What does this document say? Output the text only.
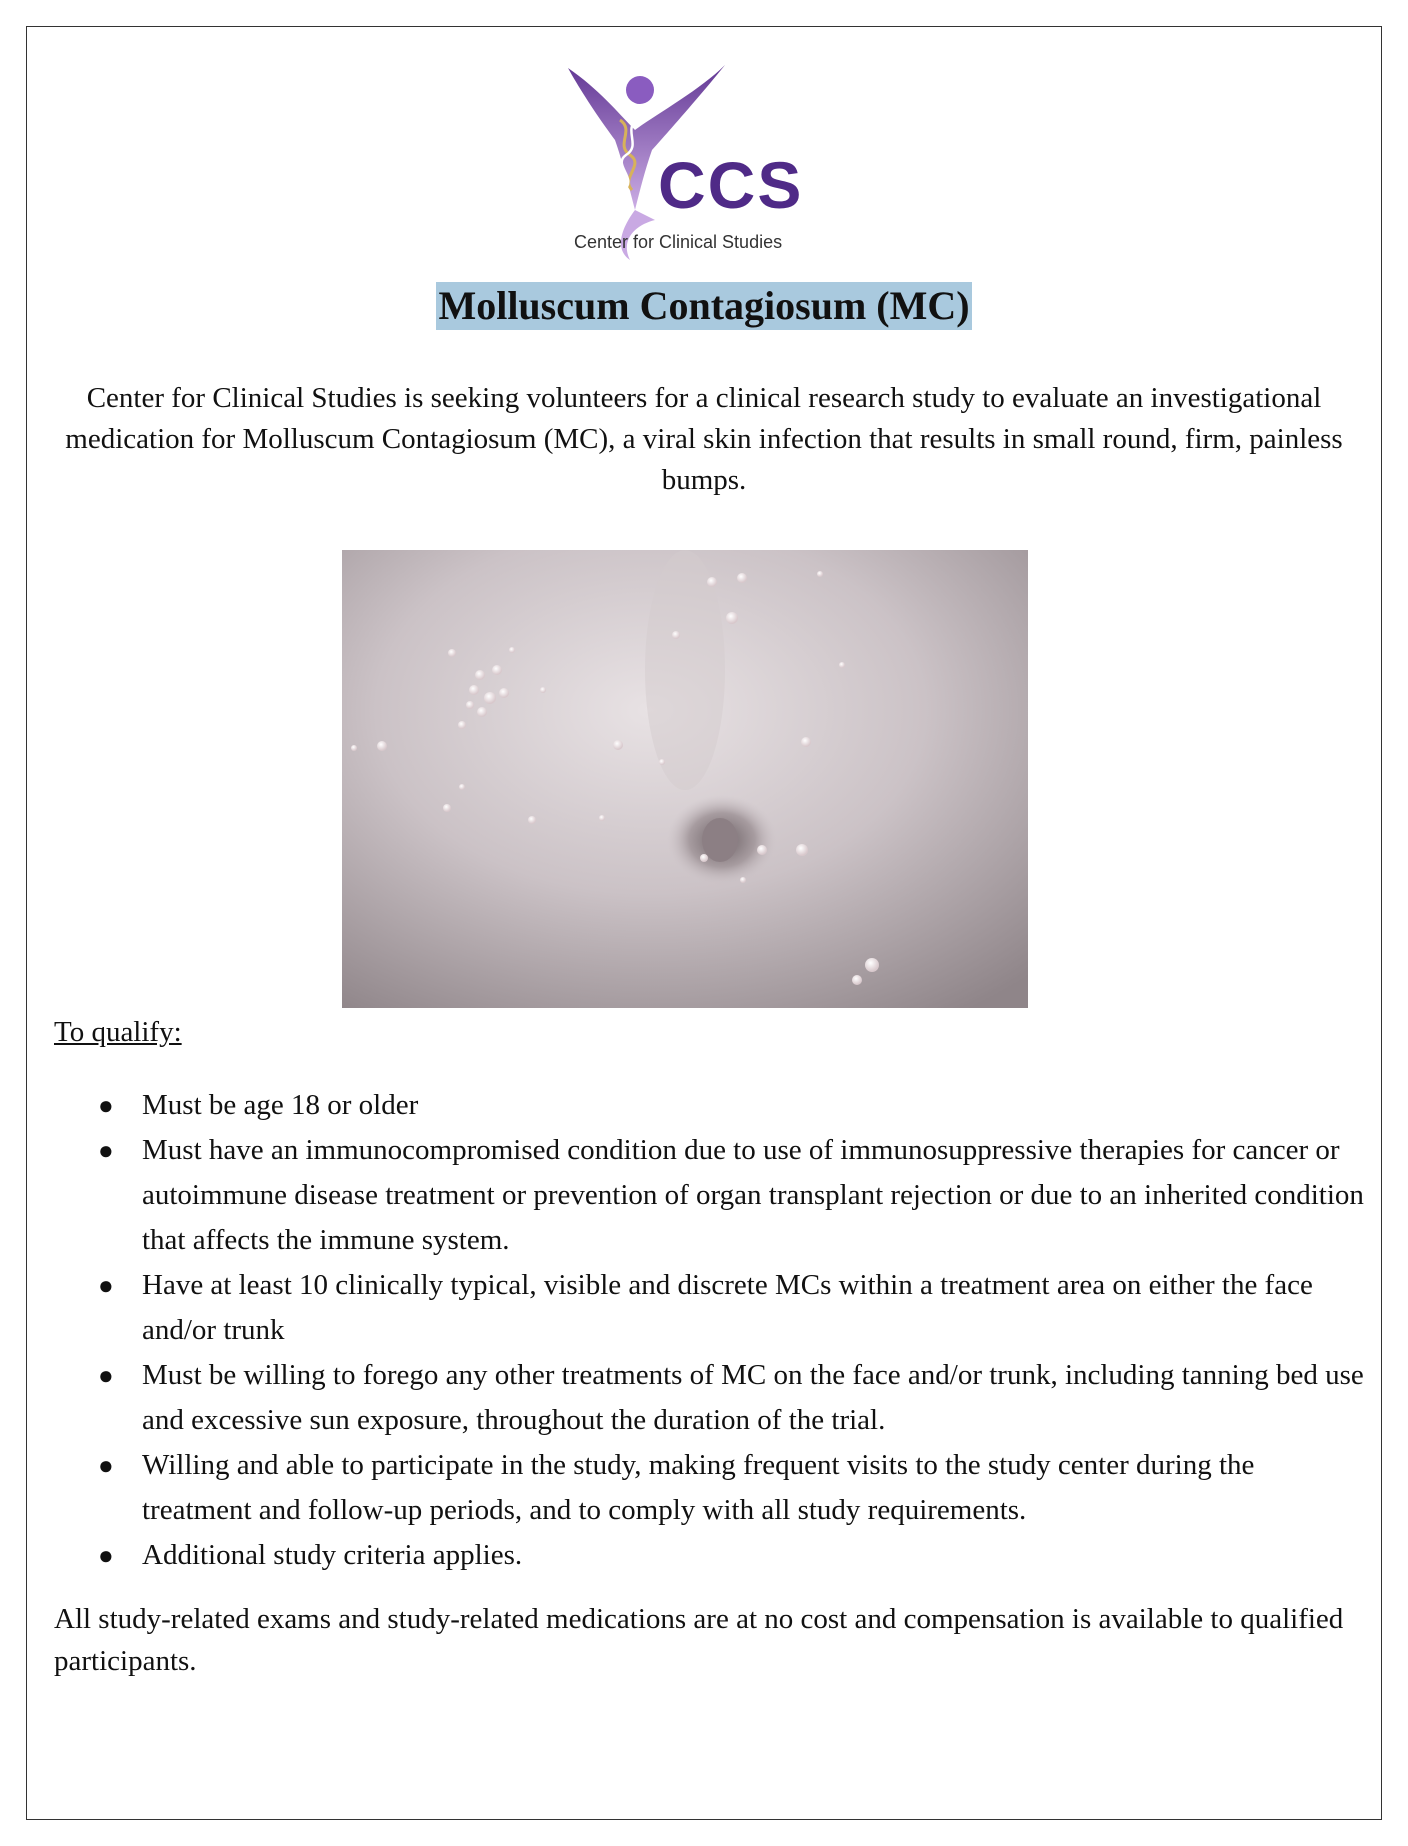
CCS
Center for Clinical Studies
Molluscum Contagiosum (MC)
Center for Clinical Studies is seeking volunteers for a clinical research study to evaluate an investigational medication for Molluscum Contagiosum (MC), a viral skin infection that results in small round, firm, painless bumps.
To qualify:
● Must be age 18 or older
● Must have an immunocompromised condition due to use of immunosuppressive therapies for cancer or autoimmune disease treatment or prevention of organ transplant rejection or due to an inherited condition that affects the immune system.
● Have at least 10 clinically typical, visible and discrete MCs within a treatment area on either the face and/or trunk
● Must be willing to forego any other treatments of MC on the face and/or trunk, including tanning bed use and excessive sun exposure, throughout the duration of the trial.
● Willing and able to participate in the study, making frequent visits to the study center during the treatment and follow-up periods, and to comply with all study requirements.
● Additional study criteria applies.
All study-related exams and study-related medications are at no cost and compensation is available to qualified participants.
